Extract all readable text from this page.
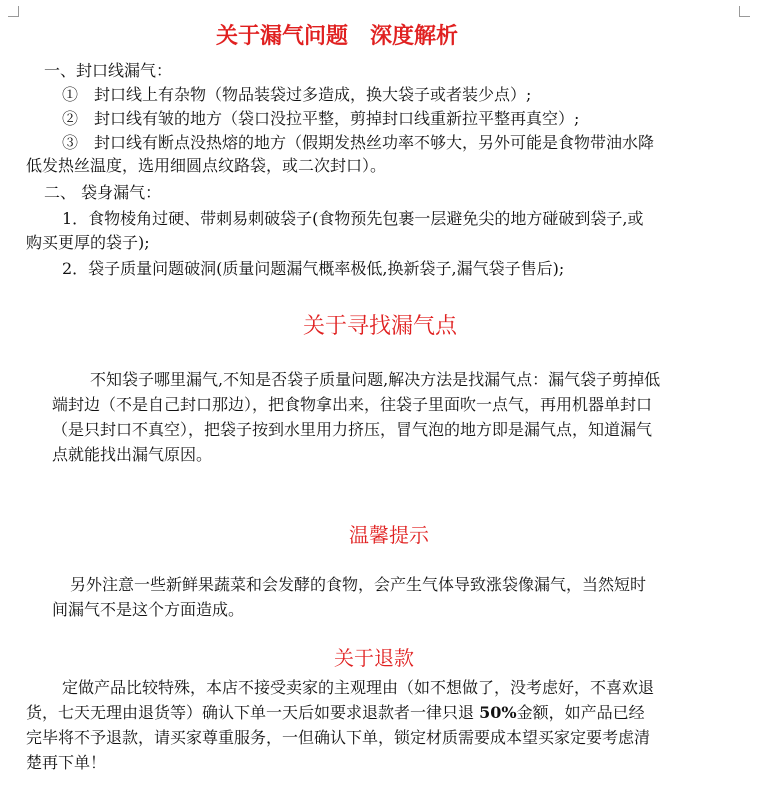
关于漏气问题　深度解析
一、封口线漏气：
①　封口线上有杂物（物品装袋过多造成，换大袋子或者装少点）;
②　封口线有皱的地方（袋口没拉平整，剪掉封口线重新拉平整再真空）;
③　封口线有断点没热熔的地方（假期发热丝功率不够大，另外可能是食物带油水降
低发热丝温度，选用细圆点纹路袋，或二次封口）。
二、 袋身漏气：
1．食物棱角过硬、带刺易刺破袋子(食物预先包裹一层避免尖的地方碰破到袋子,或
购买更厚的袋子);
2．袋子质量问题破洞(质量问题漏气概率极低,换新袋子,漏气袋子售后);
关于寻找漏气点
不知袋子哪里漏气,不知是否袋子质量问题,解决方法是找漏气点：漏气袋子剪掉低
端封边（不是自己封口那边），把食物拿出来，往袋子里面吹一点气，再用机器单封口
（是只封口不真空），把袋子按到水里用力挤压，冒气泡的地方即是漏气点，知道漏气
点就能找出漏气原因。
温馨提示
另外注意一些新鲜果蔬菜和会发酵的食物，会产生气体导致涨袋像漏气，当然短时
间漏气不是这个方面造成。
关于退款
定做产品比较特殊，本店不接受卖家的主观理由（如不想做了，没考虑好，不喜欢退
货，七天无理由退货等）确认下单一天后如要求退款者一律只退 50%金额，如产品已经
完毕将不予退款，请买家尊重服务，一但确认下单，锁定材质需要成本望买家定要考虑清
楚再下单！
